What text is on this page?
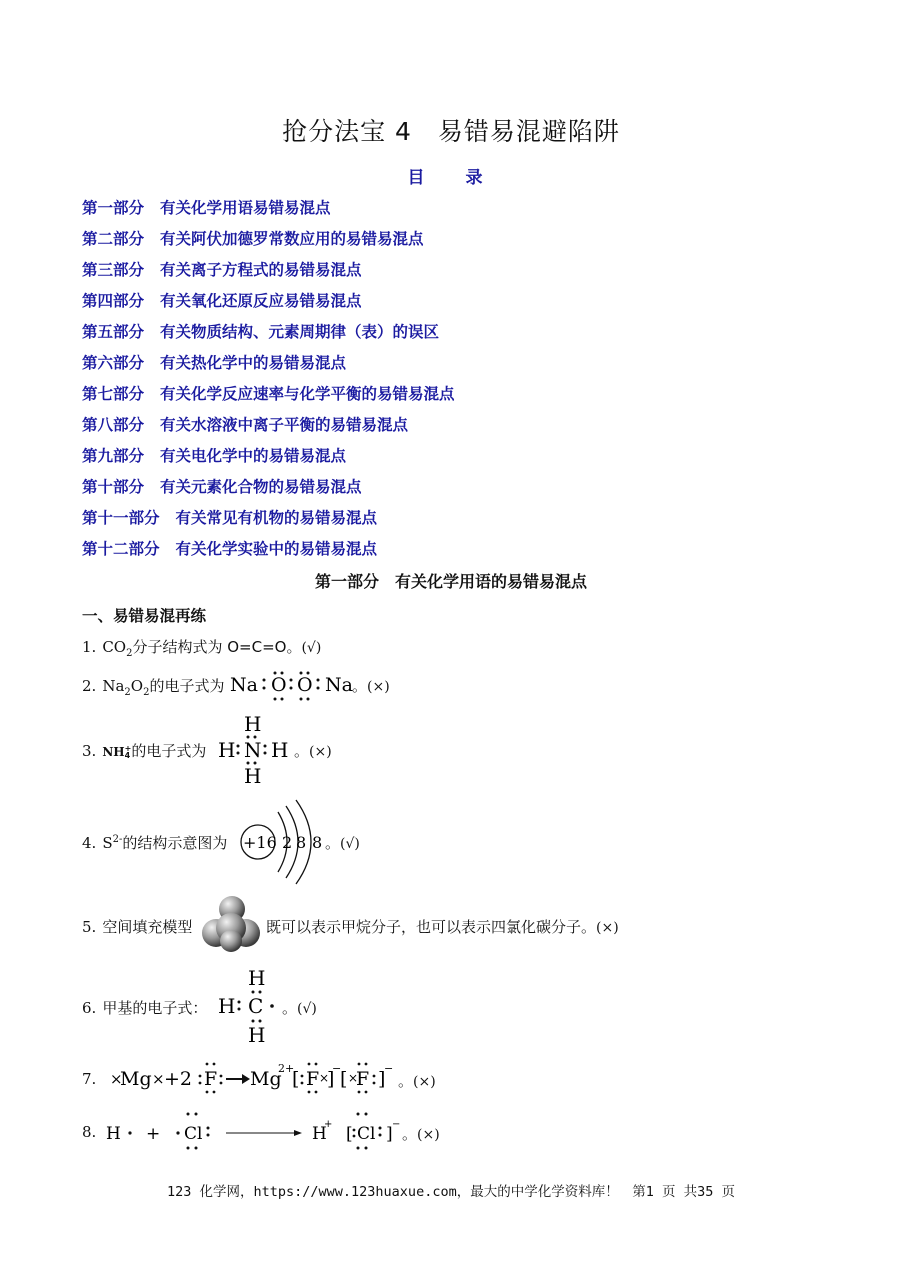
抢分法宝 4　易错易混避陷阱
目　录
第一部分 有关化学用语易错易混点
第二部分 有关阿伏加德罗常数应用的易错易混点
第三部分 有关离子方程式的易错易混点
第四部分 有关氧化还原反应易错易混点
第五部分 有关物质结构、元素周期律（表）的误区
第六部分 有关热化学中的易错易混点
第七部分 有关化学反应速率与化学平衡的易错易混点
第八部分 有关水溶液中离子平衡的易错易混点
第九部分 有关电化学中的易错易混点
第十部分 有关元素化合物的易错易混点
第十一部分 有关常见有机物的易错易混点
第十二部分 有关化学实验中的易错易混点
第一部分　有关化学用语的易错易混点
一、易错易混再练
1. $CO_2$分子结构式为 O=C=O。(√)
2. $Na_2O_2$的电子式为 Na O O Na 。(×)
3. NH+
4的电子式为
H
H
H H
N 。(×)
4. $S^{2-}$的结构示意图为 +16 2 8 8 。(√)
5. 空间填充模型	既可以表示甲烷分子，也可以表示四氯化碳分子。(×)
6. 甲基的电子式：
H
H
H C 。(√)
7. ×
Mg × +2 F Mg
2+
[ F ×
]
−
[ ×
F ]
−
。(×)
8. H + Cl	H
+ [ Cl ] −
。(×)
123 化学网，https://www.123huaxue.com，最大的中学化学资料库！　 第1 页 共35 页
